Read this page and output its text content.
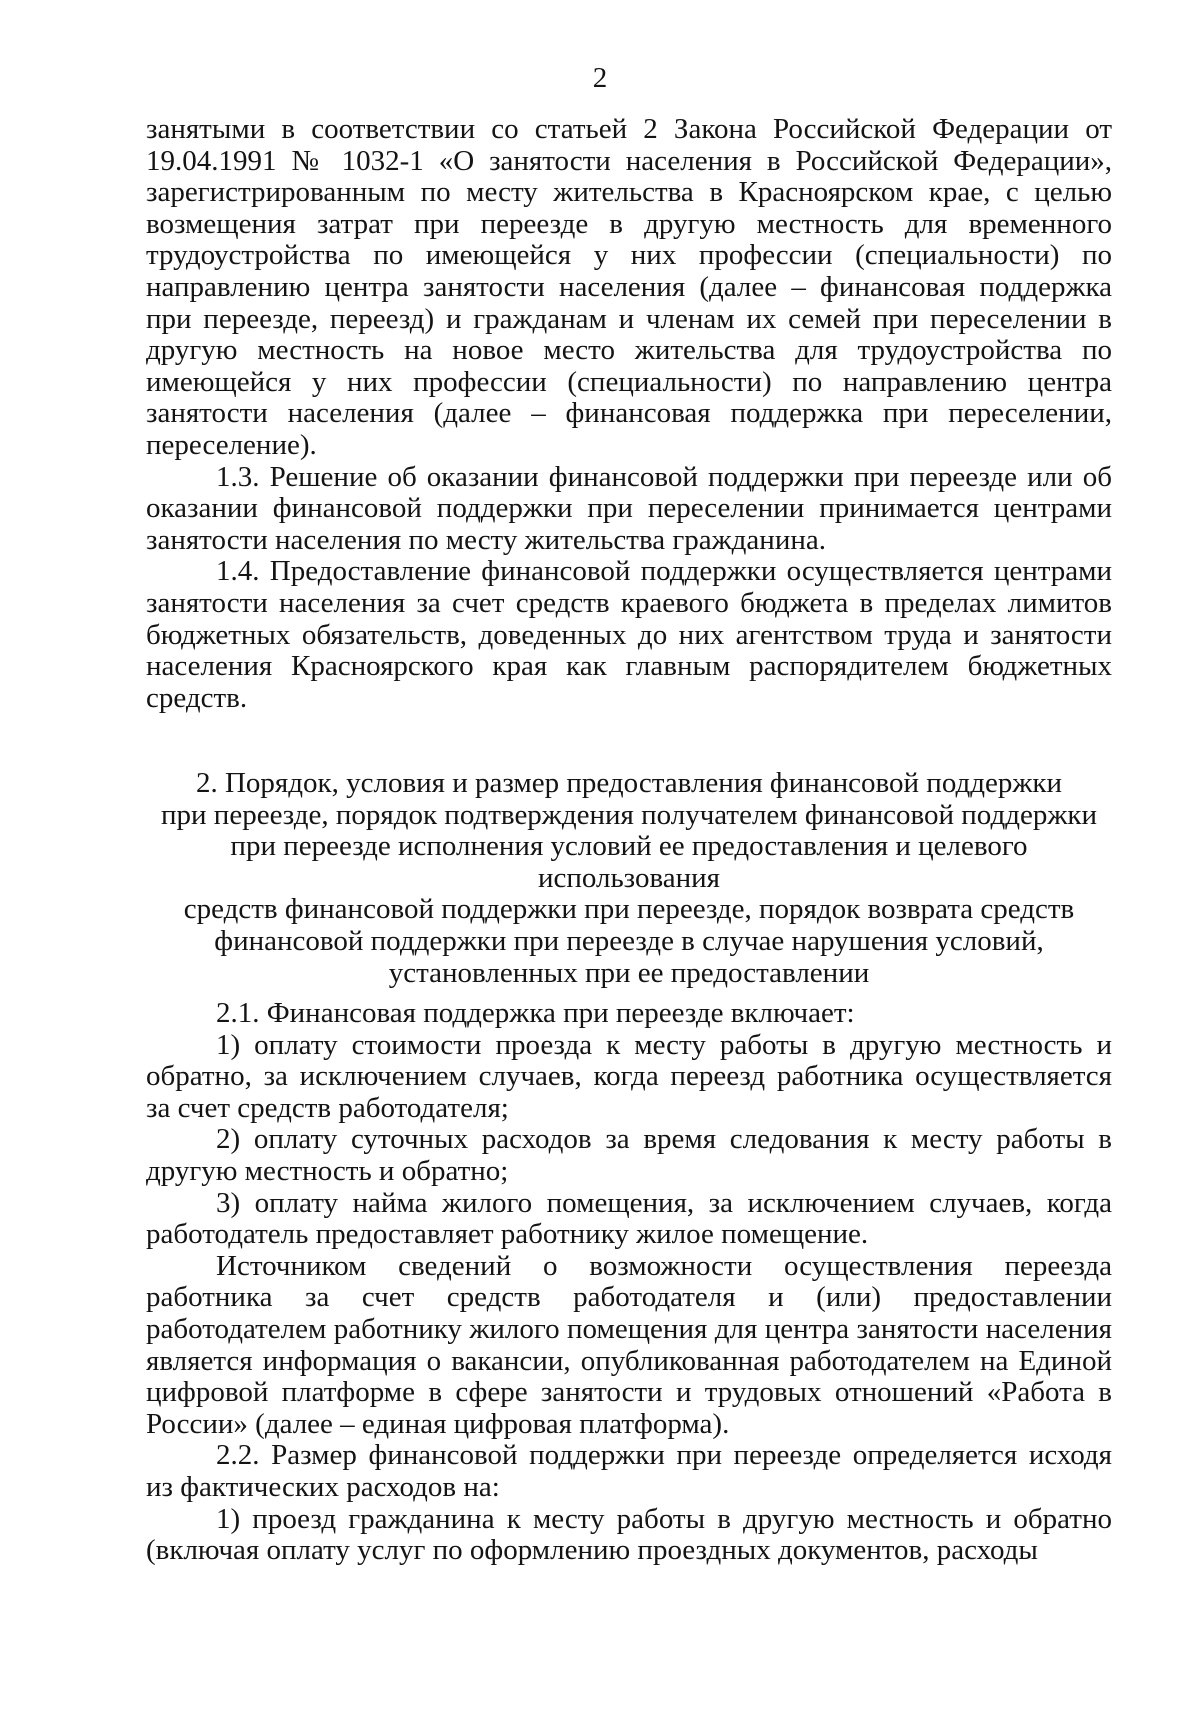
2

занятыми в соответствии со статьей 2 Закона Российской Федерации от 19.04.1991 № 1032-1 «О занятости населения в Российской Федерации», зарегистрированным по месту жительства в Красноярском крае, с целью возмещения затрат при переезде в другую местность для временного трудоустройства по имеющейся у них профессии (специальности) по направлению центра занятости населения (далее – финансовая поддержка при переезде, переезд) и гражданам и членам их семей при переселении в другую местность на новое место жительства для трудоустройства по имеющейся у них профессии (специальности) по направлению центра занятости населения (далее – финансовая поддержка при переселении, переселение).

1.3. Решение об оказании финансовой поддержки при переезде или об оказании финансовой поддержки при переселении принимается центрами занятости населения по месту жительства гражданина.

1.4. Предоставление финансовой поддержки осуществляется центрами занятости населения за счет средств краевого бюджета в пределах лимитов бюджетных обязательств, доведенных до них агентством труда и занятости населения Красноярского края как главным распорядителем бюджетных средств.

2. Порядок, условия и размер предоставления финансовой поддержки
при переезде, порядок подтверждения получателем финансовой поддержки
при переезде исполнения условий ее предоставления и целевого использования
средств финансовой поддержки при переезде, порядок возврата средств
финансовой поддержки при переезде в случае нарушения условий,
установленных при ее предоставлении

2.1. Финансовая поддержка при переезде включает:

1) оплату стоимости проезда к месту работы в другую местность и обратно, за исключением случаев, когда переезд работника осуществляется за счет средств работодателя;

2) оплату суточных расходов за время следования к месту работы в другую местность и обратно;

3) оплату найма жилого помещения, за исключением случаев, когда работодатель предоставляет работнику жилое помещение.

Источником сведений о возможности осуществления переезда работника за счет средств работодателя и (или) предоставлении работодателем работнику жилого помещения для центра занятости населения является информация о вакансии, опубликованная работодателем на Единой цифровой платформе в сфере занятости и трудовых отношений «Работа в России» (далее – единая цифровая платформа).

2.2. Размер финансовой поддержки при переезде определяется исходя из фактических расходов на:

1) проезд гражданина к месту работы в другую местность и обратно (включая оплату услуг по оформлению проездных документов, расходы
